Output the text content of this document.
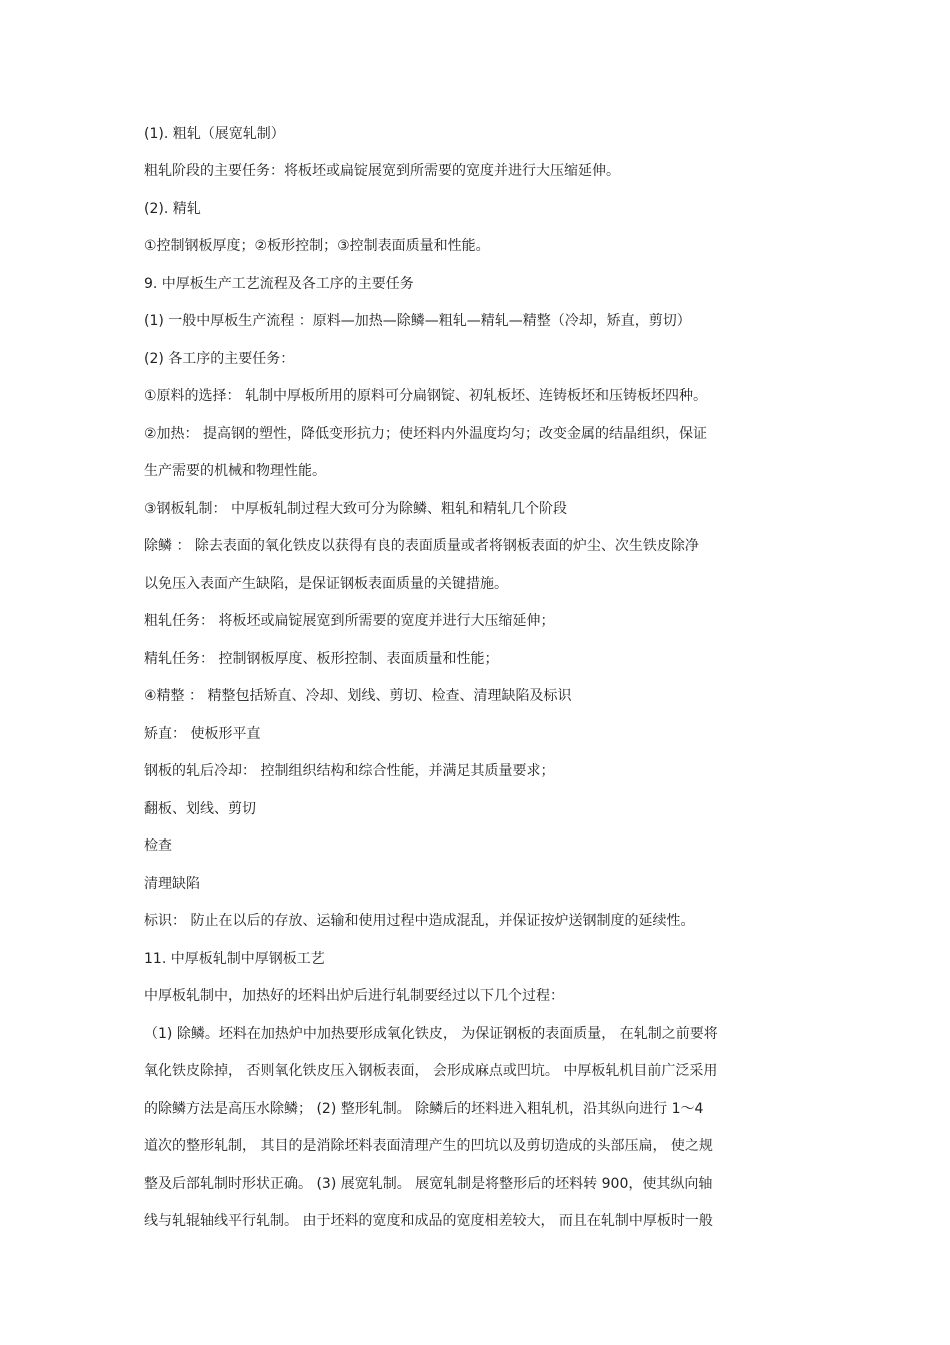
(1). 粗轧（展宽轧制）
粗轧阶段的主要任务：将板坯或扁锭展宽到所需要的宽度并进行大压缩延伸。
(2). 精轧
①控制钢板厚度；②板形控制；③控制表面质量和性能。
9. 中厚板生产工艺流程及各工序的主要任务
(1) 一般中厚板生产流程 ：原料—加热—除鳞—粗轧—精轧—精整（冷却，矫直，剪切）
(2) 各工序的主要任务：
①原料的选择： 轧制中厚板所用的原料可分扁钢锭、初轧板坯、连铸板坯和压铸板坯四种。
②加热： 提高钢的塑性，降低变形抗力；使坯料内外温度均匀；改变金属的结晶组织，保证
生产需要的机械和物理性能。
③钢板轧制： 中厚板轧制过程大致可分为除鳞、粗轧和精轧几个阶段
除鳞 ： 除去表面的氧化铁皮以获得有良的表面质量或者将钢板表面的炉尘、次生铁皮除净
以免压入表面产生缺陷，是保证钢板表面质量的关键措施。
粗轧任务： 将板坯或扁锭展宽到所需要的宽度并进行大压缩延伸；
精轧任务： 控制钢板厚度、板形控制、表面质量和性能；
④精整 ： 精整包括矫直、冷却、划线、剪切、检查、清理缺陷及标识
矫直： 使板形平直
钢板的轧后冷却： 控制组织结构和综合性能，并满足其质量要求；
翻板、划线、剪切
检查
清理缺陷
标识： 防止在以后的存放、运输和使用过程中造成混乱，并保证按炉送钢制度的延续性。
11. 中厚板轧制中厚钢板工艺
中厚板轧制中，加热好的坯料出炉后进行轧制要经过以下几个过程：
（1) 除鳞。坯料在加热炉中加热要形成氧化铁皮， 为保证钢板的表面质量， 在轧制之前要将
氧化铁皮除掉， 否则氧化铁皮压入钢板表面， 会形成麻点或凹坑。 中厚板轧机目前广泛采用
的除鳞方法是高压水除鳞； (2) 整形轧制。 除鳞后的坯料进入粗轧机，沿其纵向进行 1～4
道次的整形轧制， 其目的是消除坯料表面清理产生的凹坑以及剪切造成的头部压扁， 使之规
整及后部轧制时形状正确。 (3) 展宽轧制。 展宽轧制是将整形后的坯料转 900，使其纵向轴
线与轧辊轴线平行轧制。 由于坯料的宽度和成品的宽度相差较大， 而且在轧制中厚板时一般
